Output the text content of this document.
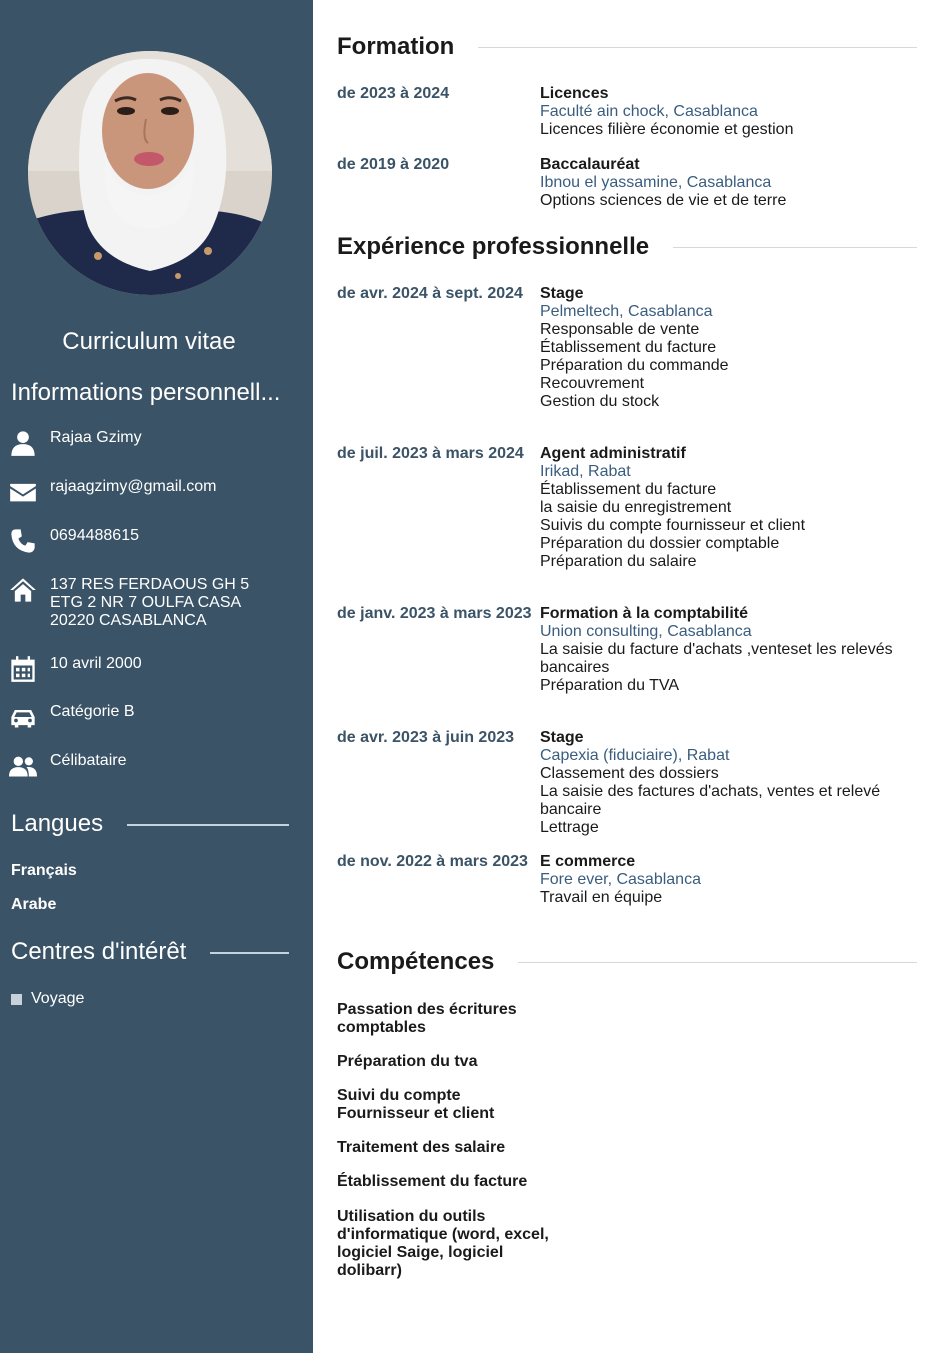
Curriculum vitae
Informations personnell...
Rajaa Gzimy
rajaagzimy@gmail.com
0694488615
137 RES FERDAOUS GH 5
ETG 2 NR 7 OULFA CASA
20220 CASABLANCA
10 avril 2000
Catégorie B
Célibataire
Langues
Français
Arabe
Centres d'intérêt
Voyage
Formation
de 2023 à 2024	Licences
Faculté ain chock, Casablanca
Licences filière économie et gestion
de 2019 à 2020	Baccalauréat
Ibnou el yassamine, Casablanca
Options sciences de vie et de terre
Expérience professionnelle
de avr. 2024 à sept. 2024	Stage
Pelmeltech, Casablanca
Responsable de vente
Établissement du facture
Préparation du commande
Recouvrement
Gestion du stock
de juil. 2023 à mars 2024	Agent administratif
Irikad, Rabat
Établissement du facture
la saisie du enregistrement
Suivis du compte fournisseur et client
Préparation du dossier comptable
Préparation du salaire
de janv. 2023 à mars 2023 Formation à la comptabilité
Union consulting, Casablanca
La saisie du facture d'achats ,venteset les relevés bancaires
Préparation du TVA
de avr. 2023 à juin 2023	Stage
Capexia (fiduciaire), Rabat
Classement des dossiers
La saisie des factures d'achats, ventes et relevé bancaire
Lettrage
de nov. 2022 à mars 2023 E commerce
Fore ever, Casablanca
Travail en équipe
Compétences
Passation des écritures comptables
Préparation du tva
Suivi du compte Fournisseur et client
Traitement des salaire
Établissement du facture
Utilisation du outils d'informatique (word, excel, logiciel Saige, logiciel dolibarr)
